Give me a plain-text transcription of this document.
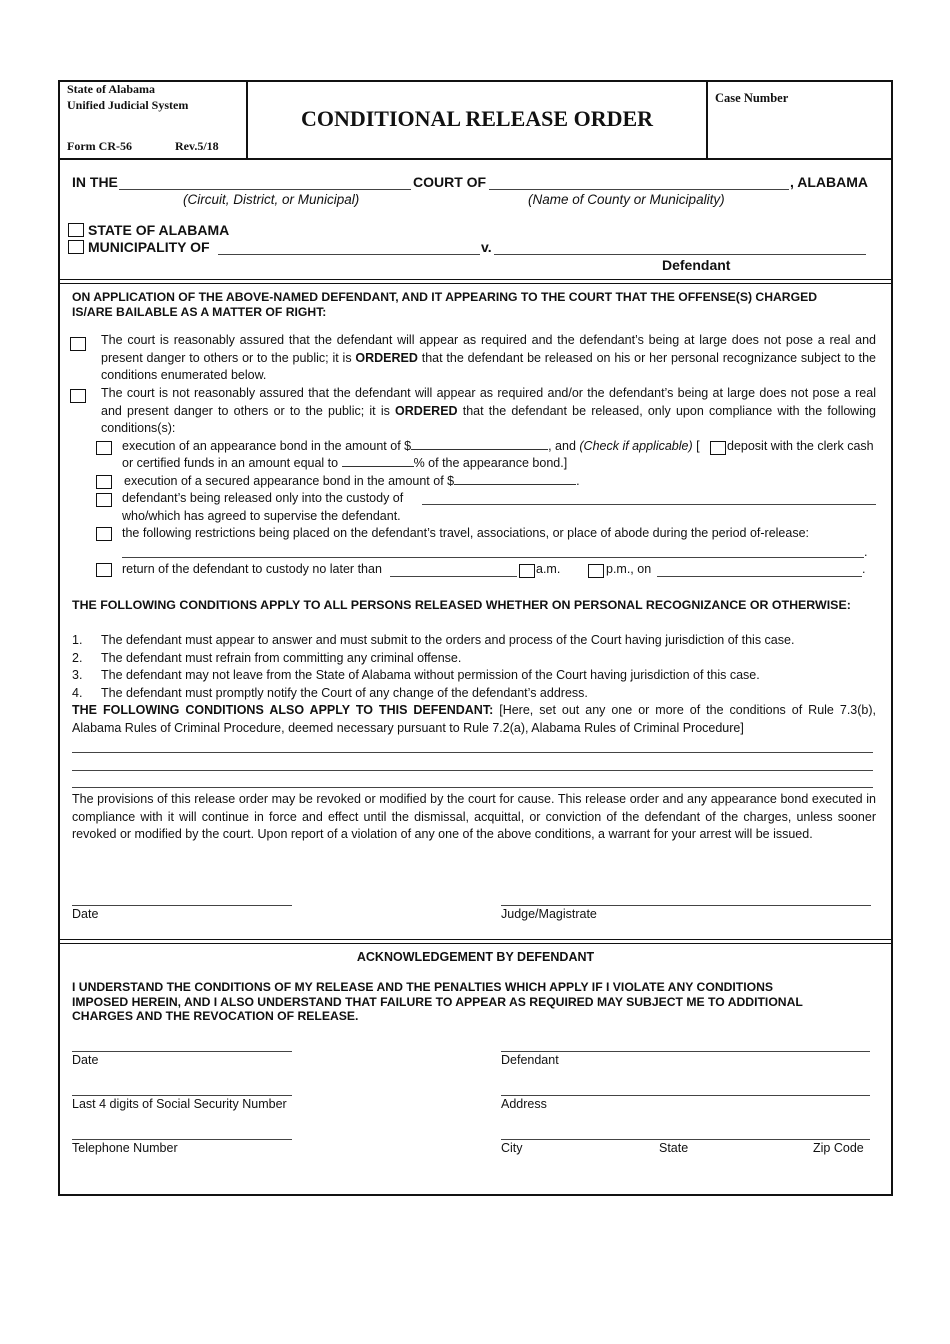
State of Alabama
Unified Judicial System
Form CR-56	Rev.5/18
CONDITIONAL RELEASE ORDER
Case Number
IN THE	COURT OF	, ALABAMA
(Circuit, District, or Municipal)	(Name of County or Municipality)
STATE OF ALABAMA
MUNICIPALITY OF	v.
Defendant
ON APPLICATION OF THE ABOVE-NAMED DEFENDANT, AND IT APPEARING TO THE COURT THAT THE OFFENSE(S) CHARGED IS/ARE BAILABLE AS A MATTER OF RIGHT:
The court is reasonably assured that the defendant will appear as required and the defendant’s being at large does not pose a real and present danger to others or to the public; it is ORDERED that the defendant be released on his or her personal recognizance subject to the conditions enumerated below.
The court is not reasonably assured that the defendant will appear as required and/or the defendant’s being at large does not pose a real and present danger to others or to the public; it is ORDERED that the defendant be released, only upon compliance with the following conditions(s):
execution of an appearance bond in the amount of $	, and (Check if applicable) [ deposit with the clerk cash
or certified funds in an amount equal to	% of the appearance bond.]
execution of a secured appearance bond in the amount of $	.
defendant’s being released only into the custody of
who/which has agreed to supervise the defendant.
the following restrictions being placed on the defendant’s travel, associations, or place of abode during the period of-release:
.
return of the defendant to custody no later than	a.m.	p.m., on	.
THE FOLLOWING CONDITIONS APPLY TO ALL PERSONS RELEASED WHETHER ON PERSONAL RECOGNIZANCE OR OTHERWISE:
1. The defendant must appear to answer and must submit to the orders and process of the Court having jurisdiction of this case.
2. The defendant must refrain from committing any criminal offense.
3. The defendant may not leave from the State of Alabama without permission of the Court having jurisdiction of this case.
4. The defendant must promptly notify the Court of any change of the defendant’s address.
THE FOLLOWING CONDITIONS ALSO APPLY TO THIS DEFENDANT: [Here, set out any one or more of the conditions of Rule 7.3(b), Alabama Rules of Criminal Procedure, deemed necessary pursuant to Rule 7.2(a), Alabama Rules of Criminal Procedure]
The provisions of this release order may be revoked or modified by the court for cause. This release order and any appearance bond executed in compliance with it will continue in force and effect until the dismissal, acquittal, or conviction of the defendant of the charges, unless sooner revoked or modified by the court. Upon report of a violation of any one of the above conditions, a warrant for your arrest will be issued.
Date	Judge/Magistrate
ACKNOWLEDGEMENT BY DEFENDANT
I UNDERSTAND THE CONDITIONS OF MY RELEASE AND THE PENALTIES WHICH APPLY IF I VIOLATE ANY CONDITIONS IMPOSED HEREIN, AND I ALSO UNDERSTAND THAT FAILURE TO APPEAR AS REQUIRED MAY SUBJECT ME TO ADDITIONAL CHARGES AND THE REVOCATION OF RELEASE.
Date	Defendant
Last 4 digits of Social Security Number	Address
Telephone Number	City	State	Zip Code
